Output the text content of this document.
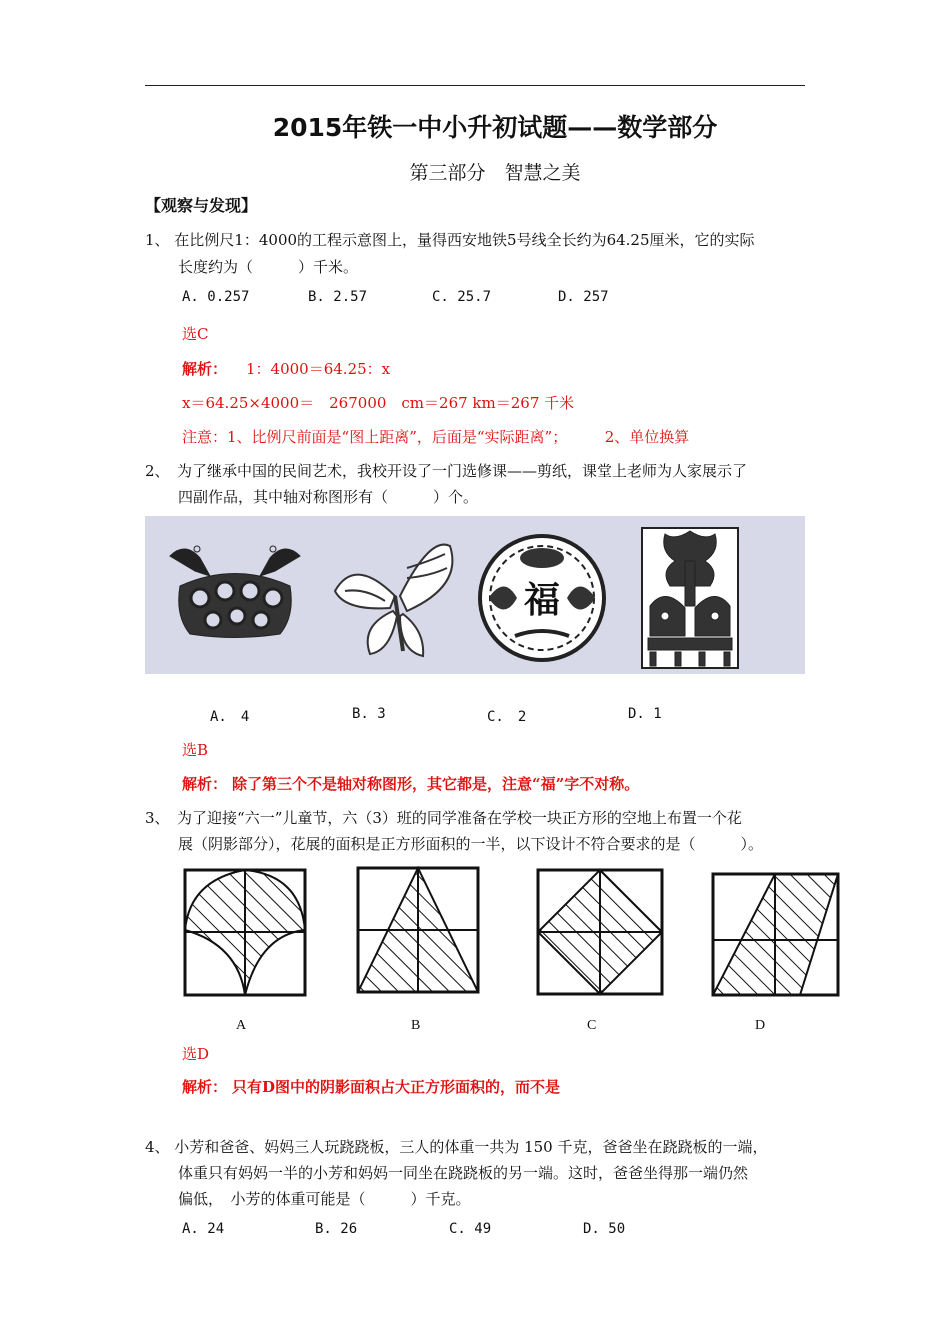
2015年铁一中小升初试题——数学部分
第三部分　智慧之美
【观察与发现】
1、 在比例尺1：4000的工程示意图上，量得西安地铁5号线全长约为64.25厘米，它的实际
长度约为（　　　）千米。
A. 0.257	B. 2.57	C. 25.7	D. 257
选C
解析： 1：4000＝64.25：x
x＝64.25×4000＝　267000　cm＝267 km＝267 千米
注意：1、比例尺前面是“图上距离”，后面是“实际距离”；　　　2、单位换算
2、　为了继承中国的民间艺术，我校开设了一门选修课——剪纸，课堂上老师为人家展示了
四副作品，其中轴对称图形有（　　　）个。
福
A.　4	B. 3	C.　2	D. 1
选B
解析： 除了第三个不是轴对称图形，其它都是，注意“福”字不对称。
3、　为了迎接“六一”儿童节，六（3）班的同学准备在学校一块正方形的空地上布置一个花
展（阴影部分），花展的面积是正方形面积的一半，以下设计不符合要求的是（　　　）。
A	B	C	D
选D
解析： 只有D图中的阴影面积占大正方形面积的，而不是
4、 小芳和爸爸、妈妈三人玩跷跷板，三人的体重一共为 150 千克，爸爸坐在跷跷板的一端，
体重只有妈妈一半的小芳和妈妈一同坐在跷跷板的另一端。这时，爸爸坐得那一端仍然
偏低，　小芳的体重可能是（　　　）千克。
A. 24	B. 26	C. 49	D. 50
